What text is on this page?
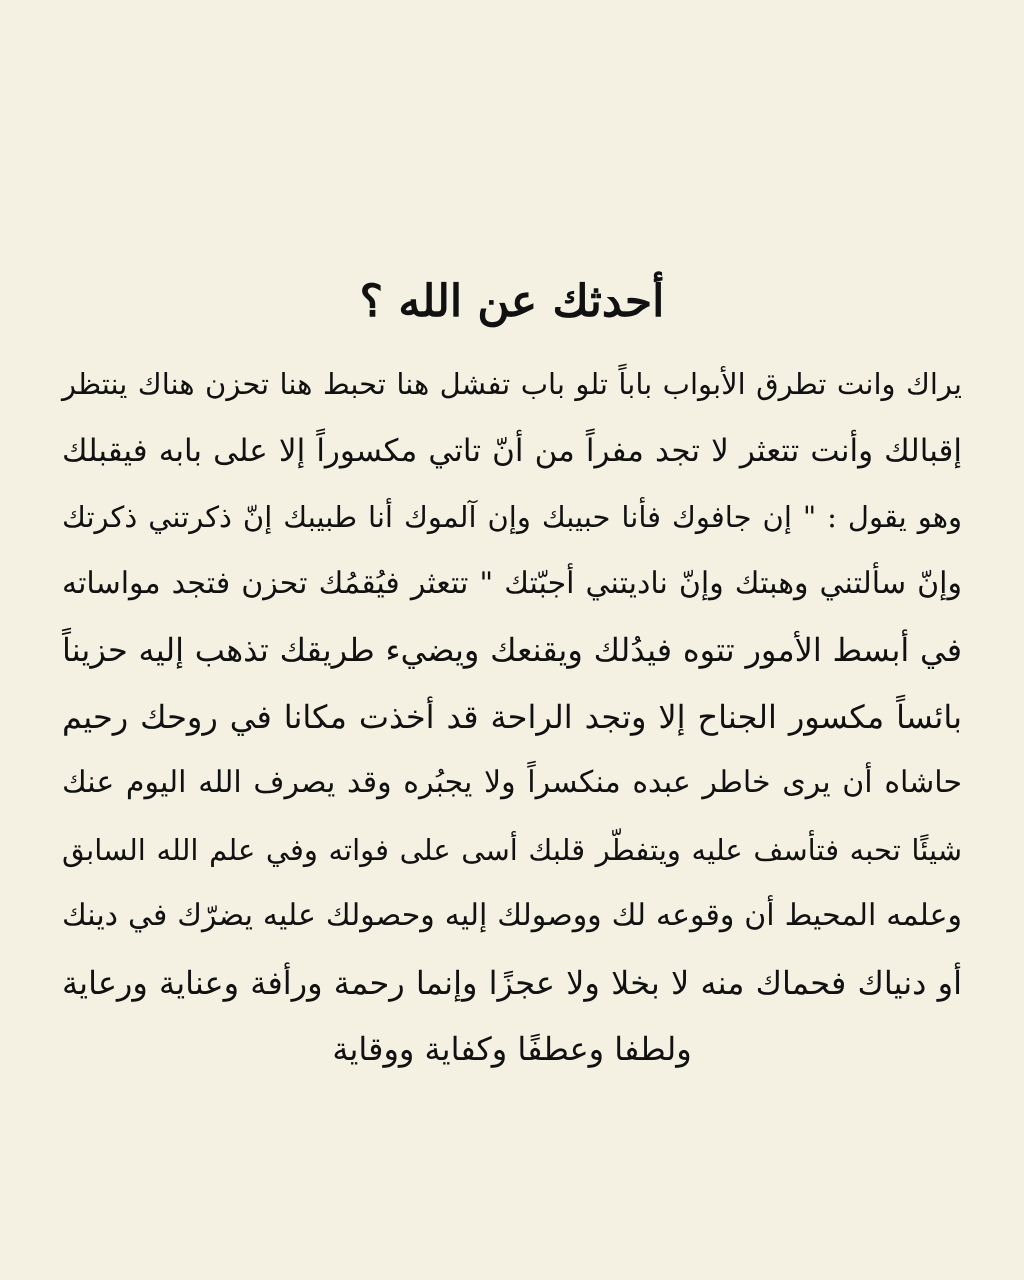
أحدثك عن الله ؟
يراك وانت تطرق الأبواب باباً تلو باب تفشل هنا تحبط هنا تحزن هناك ينتظر
إقبالك وأنت تتعثر لا تجد مفراً من أنّ تاتي مكسوراً إلا على بابه فيقبلك
وهو يقول : " إن جافوك فأنا حبيبك وإن آلموك أنا طبيبك إنّ ذكرتني ذكرتك
وإنّ سألتني وهبتك وإنّ ناديتني أجبّتك " تتعثر فيُقمُك تحزن فتجد مواساته
في أبسط الأمور تتوه فيدُلك ويقنعك ويضيء طريقك تذهب إليه حزيناً
بائساً مكسور الجناح إلا وتجد الراحة قد أخذت مكانا في روحك رحيم
حاشاه أن يرى خاطر عبده منكسراً ولا يجبُره وقد يصرف الله اليوم عنك
شيئًا تحبه فتأسف عليه ويتفطّر قلبك أسى على فواته وفي علم الله السابق
وعلمه المحيط أن وقوعه لك ووصولك إليه وحصولك عليه يضرّك في دينك
أو دنياك فحماك منه لا بخلا ولا عجزًا وإنما رحمة ورأفة وعناية ورعاية
ولطفا وعطفًا وكفاية ووقاية
